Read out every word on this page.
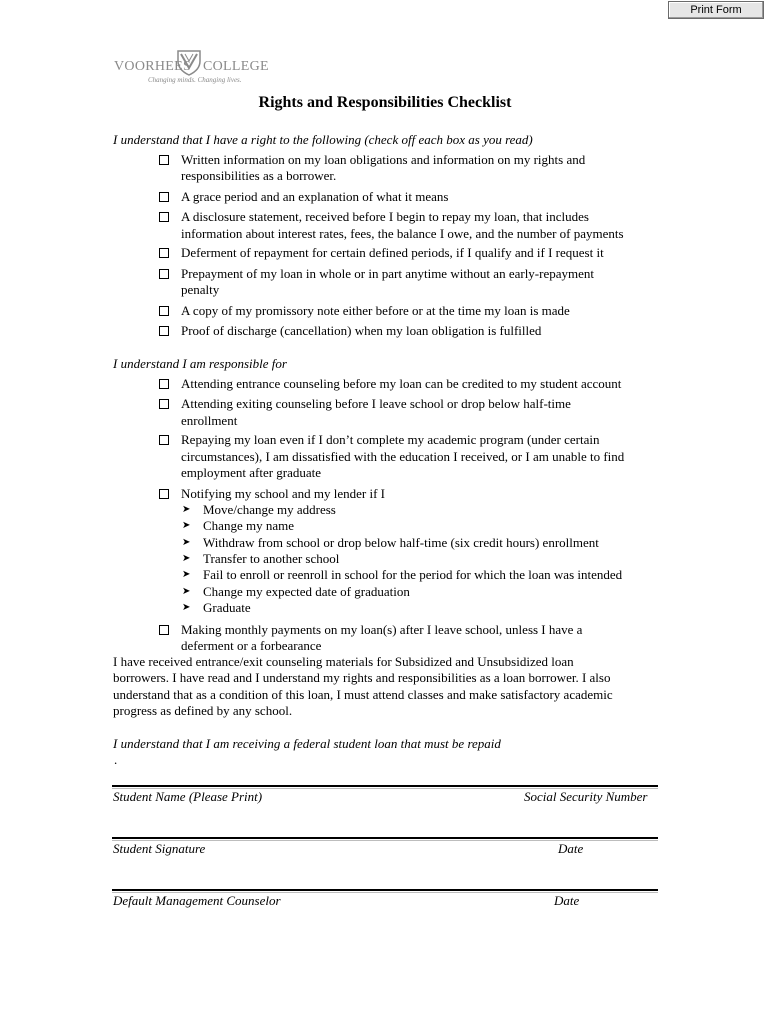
Print Form
VOORHEES COLLEGE
Changing minds. Changing lives.
Rights and Responsibilities Checklist
I understand that I have a right to the following (check off each box as you read)
Written information on my loan obligations and information on my rights and
responsibilities as a borrower.
A grace period and an explanation of what it means
A disclosure statement, received before I begin to repay my loan, that includes
information about interest rates, fees, the balance I owe, and the number of payments
Deferment of repayment for certain defined periods, if I qualify and if I request it
Prepayment of my loan in whole or in part anytime without an early-repayment
penalty
A copy of my promissory note either before or at the time my loan is made
Proof of discharge (cancellation) when my loan obligation is fulfilled
I understand I am responsible for
Attending entrance counseling before my loan can be credited to my student account
Attending exiting counseling before I leave school or drop below half-time
enrollment
Repaying my loan even if I don’t complete my academic program (under certain
circumstances), I am dissatisfied with the education I received, or I am unable to find
employment after graduate
Notifying my school and my lender if I
➤ Move/change my address
➤ Change my name
➤ Withdraw from school or drop below half-time (six credit hours) enrollment
➤ Transfer to another school
➤ Fail to enroll or reenroll in school for the period for which the loan was intended
➤ Change my expected date of graduation
➤ Graduate
Making monthly payments on my loan(s) after I leave school, unless I have a
deferment or a forbearance
I have received entrance/exit counseling materials for Subsidized and Unsubsidized loan
borrowers. I have read and I understand my rights and responsibilities as a loan borrower. I also
understand that as a condition of this loan, I must attend classes and make satisfactory academic
progress as defined by any school.
I understand that I am receiving a federal student loan that must be repaid
.
Student Name (Please Print)	Social Security Number
Student Signature	Date
Default Management Counselor	Date
